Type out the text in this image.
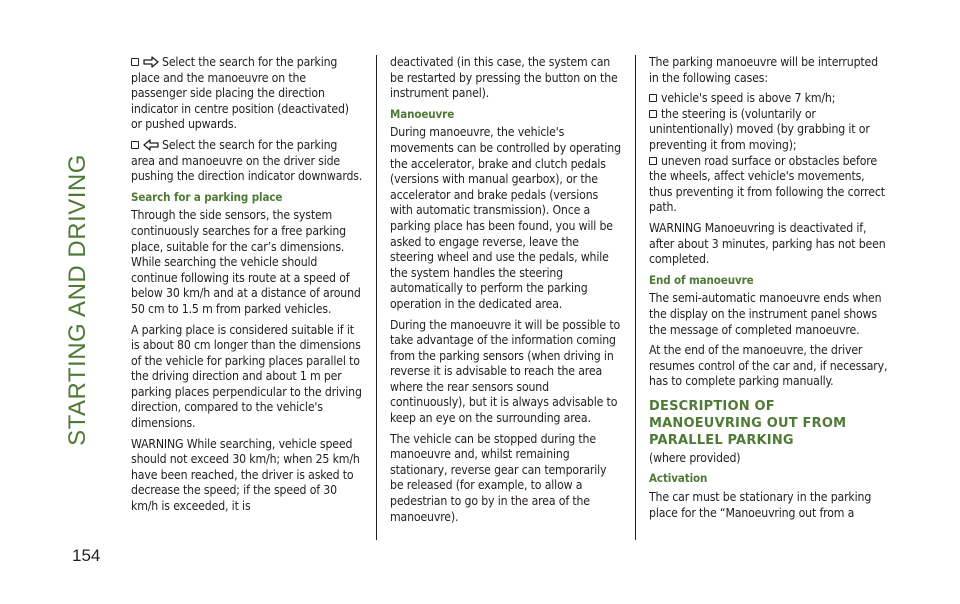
STARTING AND DRIVING
154

Select the search for the parking place and the manoeuvre on the passenger side placing the direction indicator in centre position (deactivated) or pushed upwards.

Select the search for the parking area and manoeuvre on the driver side pushing the direction indicator downwards.

Search for a parking place

Through the side sensors, the system continuously searches for a free parking place, suitable for the car’s dimensions. While searching the vehicle should continue following its route at a speed of below 30 km/h and at a distance of around 50 cm to 1.5 m from parked vehicles.

A parking place is considered suitable if it is about 80 cm longer than the dimensions of the vehicle for parking places parallel to the driving direction and about 1 m per parking places perpendicular to the driving direction, compared to the vehicle's dimensions.

WARNING While searching, vehicle speed should not exceed 30 km/h; when 25 km/h have been reached, the driver is asked to decrease the speed; if the speed of 30 km/h is exceeded, it is

deactivated (in this case, the system can be restarted by pressing the button on the instrument panel).

Manoeuvre

During manoeuvre, the vehicle's movements can be controlled by operating the accelerator, brake and clutch pedals (versions with manual gearbox), or the accelerator and brake pedals (versions with automatic transmission). Once a parking place has been found, you will be asked to engage reverse, leave the steering wheel and use the pedals, while the system handles the steering automatically to perform the parking operation in the dedicated area.

During the manoeuvre it will be possible to take advantage of the information coming from the parking sensors (when driving in reverse it is advisable to reach the area where the rear sensors sound continuously), but it is always advisable to keep an eye on the surrounding area.

The vehicle can be stopped during the manoeuvre and, whilst remaining stationary, reverse gear can temporarily be released (for example, to allow a pedestrian to go by in the area of the manoeuvre).

The parking manoeuvre will be interrupted in the following cases:

vehicle's speed is above 7 km/h;
the steering is (voluntarily or unintentionally) moved (by grabbing it or preventing it from moving);
uneven road surface or obstacles before the wheels, affect vehicle's movements, thus preventing it from following the correct path.

WARNING Manoeuvring is deactivated if, after about 3 minutes, parking has not been completed.

End of manoeuvre

The semi-automatic manoeuvre ends when the display on the instrument panel shows the message of completed manoeuvre.

At the end of the manoeuvre, the driver resumes control of the car and, if necessary, has to complete parking manually.

DESCRIPTION OF MANOEUVRING OUT FROM PARALLEL PARKING

(where provided)

Activation

The car must be stationary in the parking place for the “Manoeuvring out from a
